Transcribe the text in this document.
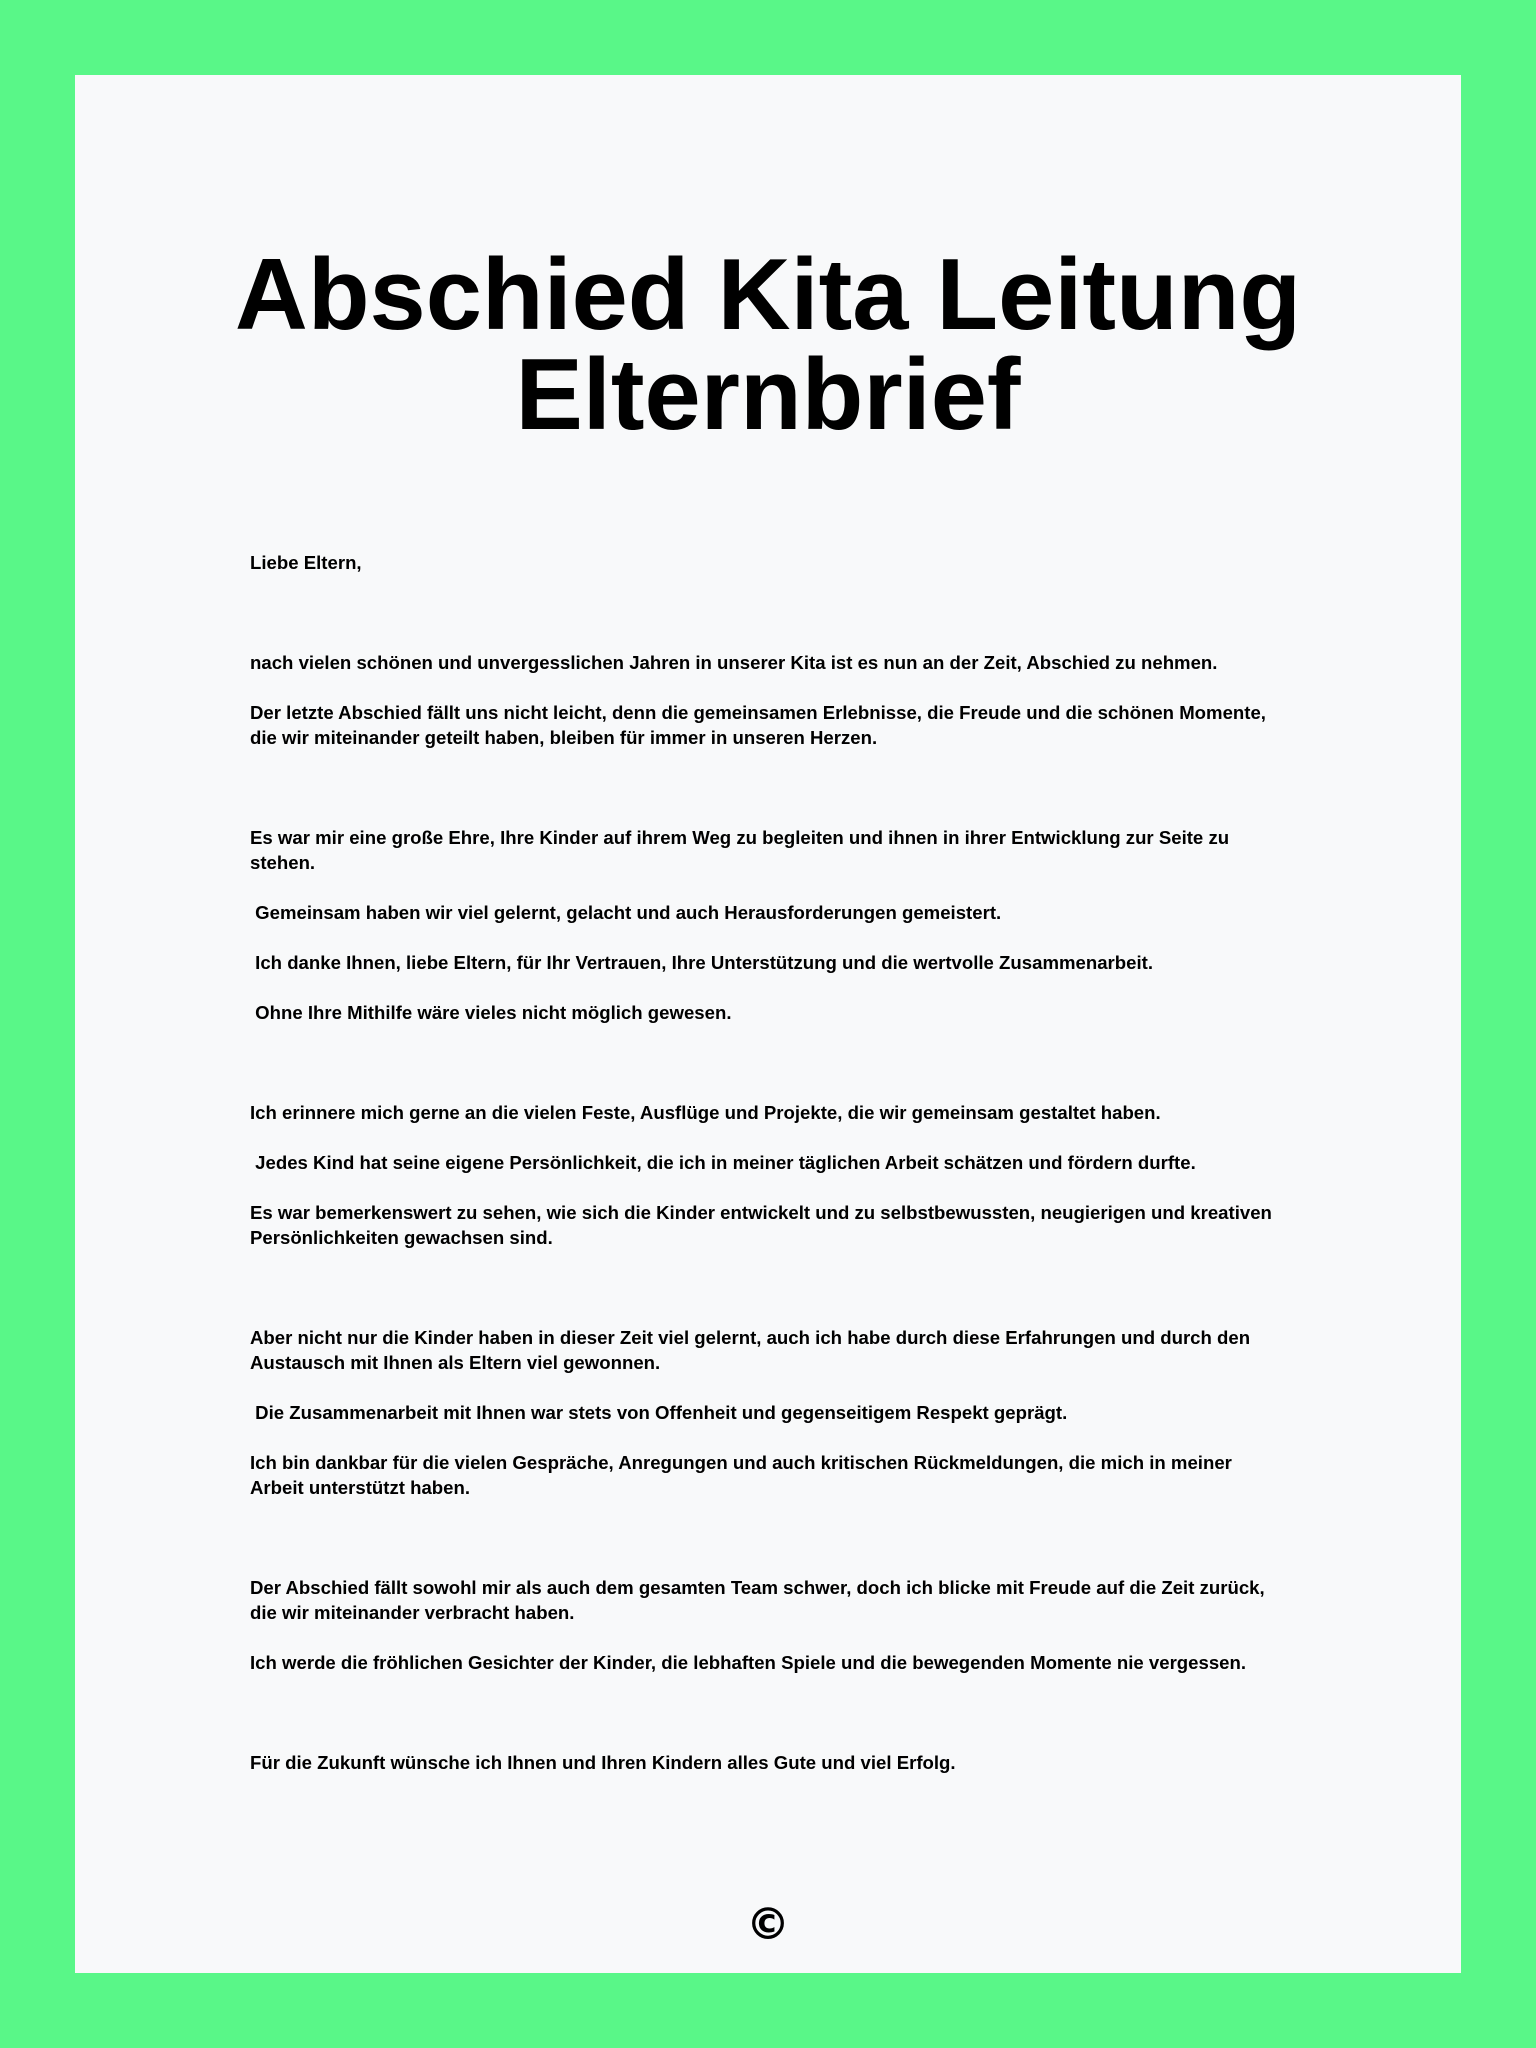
Abschied Kita Leitung
Elternbrief

Liebe Eltern,

nach vielen schönen und unvergesslichen Jahren in unserer Kita ist es nun an der Zeit, Abschied zu nehmen.

Der letzte Abschied fällt uns nicht leicht, denn die gemeinsamen Erlebnisse, die Freude und die schönen Momente, die wir miteinander geteilt haben, bleiben für immer in unseren Herzen.

Es war mir eine große Ehre, Ihre Kinder auf ihrem Weg zu begleiten und ihnen in ihrer Entwicklung zur Seite zu stehen.

Gemeinsam haben wir viel gelernt, gelacht und auch Herausforderungen gemeistert.

Ich danke Ihnen, liebe Eltern, für Ihr Vertrauen, Ihre Unterstützung und die wertvolle Zusammenarbeit.

Ohne Ihre Mithilfe wäre vieles nicht möglich gewesen.

Ich erinnere mich gerne an die vielen Feste, Ausflüge und Projekte, die wir gemeinsam gestaltet haben.

Jedes Kind hat seine eigene Persönlichkeit, die ich in meiner täglichen Arbeit schätzen und fördern durfte.

Es war bemerkenswert zu sehen, wie sich die Kinder entwickelt und zu selbstbewussten, neugierigen und kreativen Persönlichkeiten gewachsen sind.

Aber nicht nur die Kinder haben in dieser Zeit viel gelernt, auch ich habe durch diese Erfahrungen und durch den Austausch mit Ihnen als Eltern viel gewonnen.

Die Zusammenarbeit mit Ihnen war stets von Offenheit und gegenseitigem Respekt geprägt.

Ich bin dankbar für die vielen Gespräche, Anregungen und auch kritischen Rückmeldungen, die mich in meiner Arbeit unterstützt haben.

Der Abschied fällt sowohl mir als auch dem gesamten Team schwer, doch ich blicke mit Freude auf die Zeit zurück, die wir miteinander verbracht haben.

Ich werde die fröhlichen Gesichter der Kinder, die lebhaften Spiele und die bewegenden Momente nie vergessen.

Für die Zukunft wünsche ich Ihnen und Ihren Kindern alles Gute und viel Erfolg.

©
